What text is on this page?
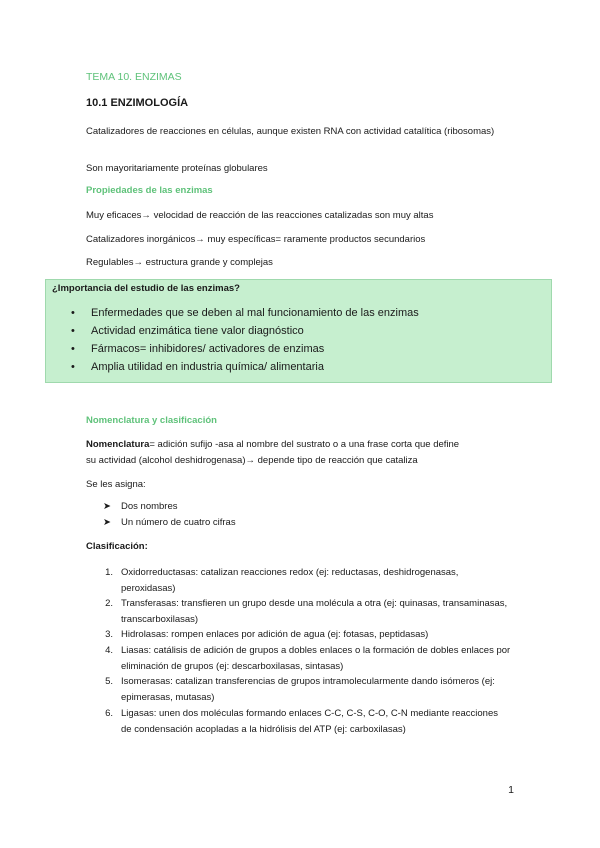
TEMA 10. ENZIMAS
10.1 ENZIMOLOGÍA
Catalizadores de reacciones en células, aunque existen RNA con actividad catalítica (ribosomas)
Son mayoritariamente proteínas globulares
Propiedades de las enzimas
Muy eficaces→ velocidad de reacción de las reacciones catalizadas son muy altas
Catalizadores inorgánicos→ muy específicas= raramente productos secundarios
Regulables→ estructura grande y complejas
¿Importancia del estudio de las enzimas?
• Enfermedades que se deben al mal funcionamiento de las enzimas
• Actividad enzimática tiene valor diagnóstico
• Fármacos= inhibidores/ activadores de enzimas
• Amplia utilidad en industria química/ alimentaria
Nomenclatura y clasificación
Nomenclatura= adición sufijo -asa al nombre del sustrato o a una frase corta que define
su actividad (alcohol deshidrogenasa)→ depende tipo de reacción que cataliza
Se les asigna:
➤ Dos nombres
➤ Un número de cuatro cifras
Clasificación:
1. Oxidorreductasas: catalizan reacciones redox (ej: reductasas, deshidrogenasas, peroxidasas)
2. Transferasas: transfieren un grupo desde una molécula a otra (ej: quinasas, transaminasas, transcarboxilasas)
3. Hidrolasas: rompen enlaces por adición de agua (ej: fotasas, peptidasas)
4. Liasas: catálisis de adición de grupos a dobles enlaces o la formación de dobles enlaces por eliminación de grupos (ej: descarboxilasas, sintasas)
5. Isomerasas: catalizan transferencias de grupos intramolecularmente dando isómeros (ej: epimerasas, mutasas)
6. Ligasas: unen dos moléculas formando enlaces C-C, C-S, C-O, C-N mediante reacciones de condensación acopladas a la hidrólisis del ATP (ej: carboxilasas)
1
